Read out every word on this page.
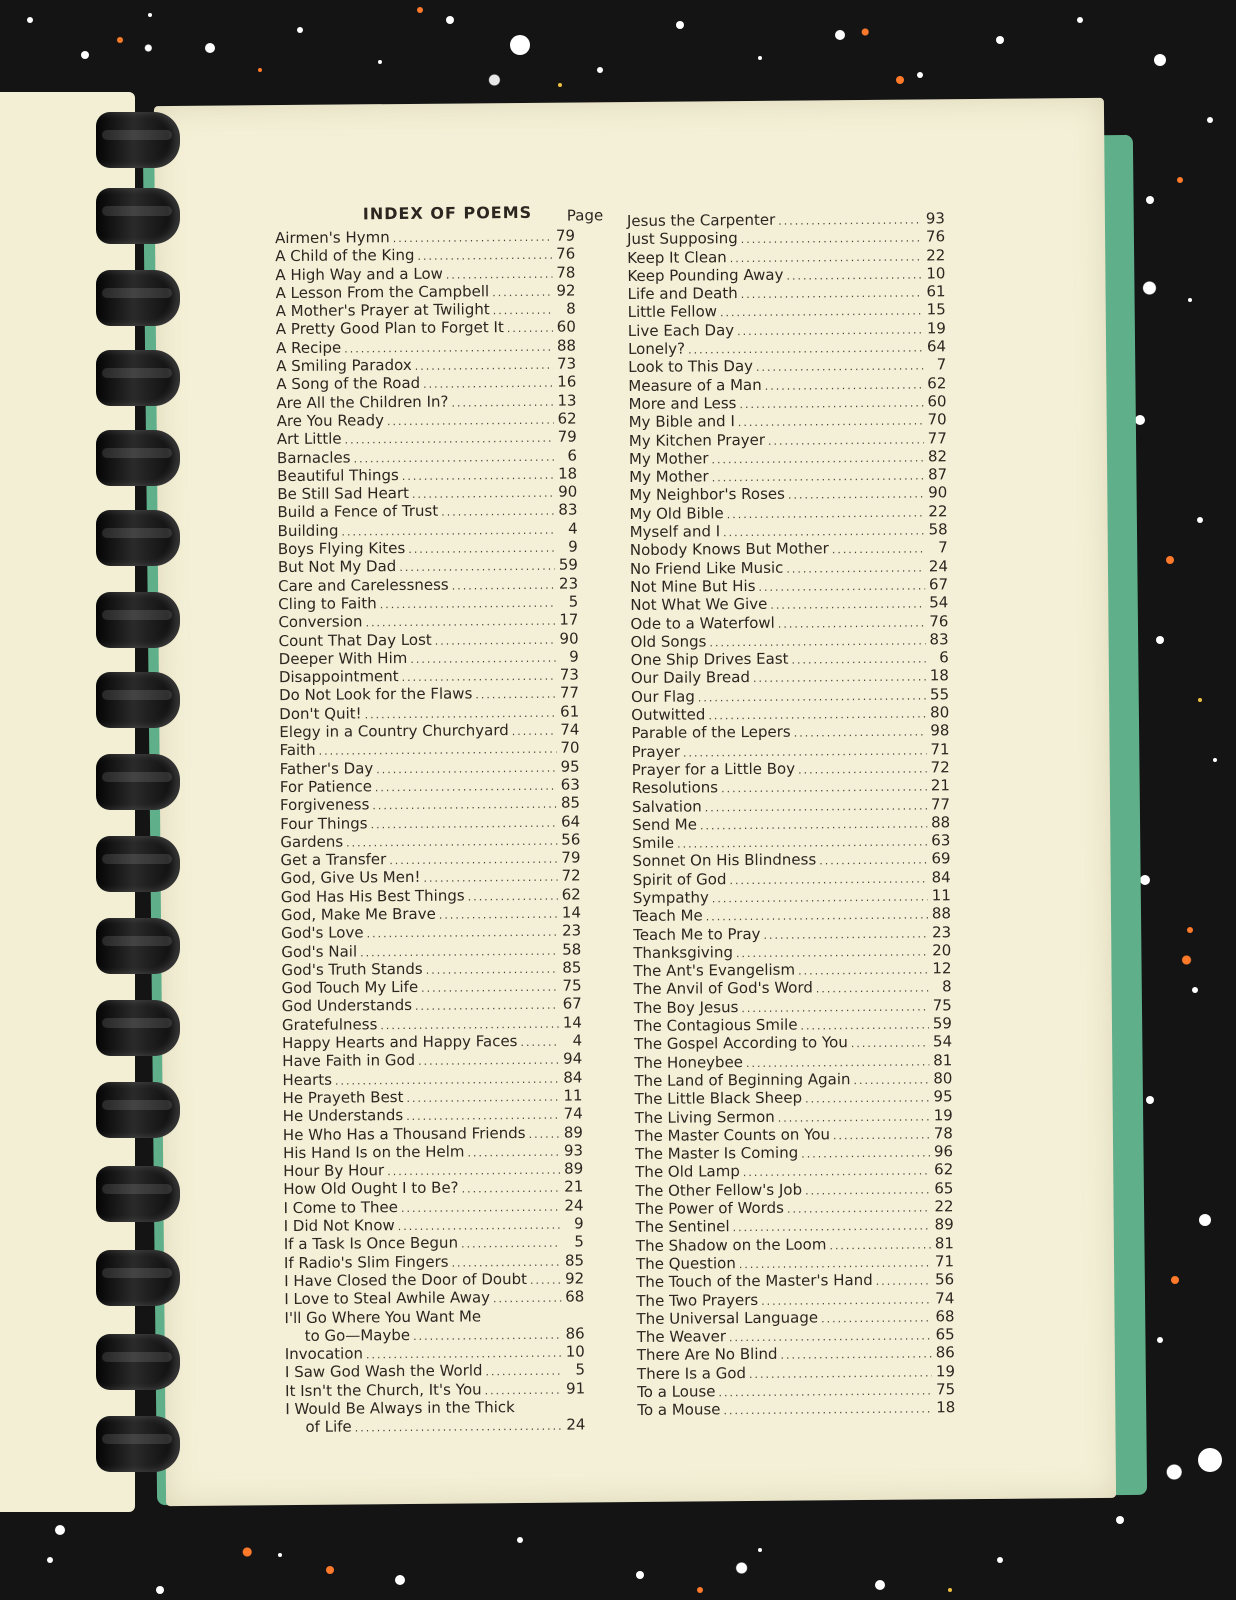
INDEX OF POEMS Page
Airmen's Hymn .....	79
A Child of the King .....	76
A High Way and a Low .....	78
A Lesson From the Campbell .....	92
A Mother's Prayer at Twilight .....	8
A Pretty Good Plan to Forget It .....	60
A Recipe .....	88
A Smiling Paradox .....	73
A Song of the Road .....	16
Are All the Children In? .....	13
Are You Ready .....	62
Art Little .....	79
Barnacles .....	6
Beautiful Things .....	18
Be Still Sad Heart .....	90
Build a Fence of Trust .....	83
Building .....	4
Boys Flying Kites .....	9
But Not My Dad .....	59
Care and Carelessness .....	23
Cling to Faith .....	5
Conversion .....	17
Count That Day Lost .....	90
Deeper With Him .....	9
Disappointment .....	73
Do Not Look for the Flaws .....	77
Don't Quit! .....	61
Elegy in a Country Churchyard .....	74
Faith .....	70
Father's Day .....	95
For Patience .....	63
Forgiveness .....	85
Four Things .....	64
Gardens .....	56
Get a Transfer .....	79
God, Give Us Men! .....	72
God Has His Best Things .....	62
God, Make Me Brave .....	14
God's Love .....	23
God's Nail .....	58
God's Truth Stands .....	85
God Touch My Life .....	75
God Understands .....	67
Gratefulness .....	14
Happy Hearts and Happy Faces .....	4
Have Faith in God .....	94
Hearts .....	84
He Prayeth Best .....	11
He Understands .....	74
He Who Has a Thousand Friends .....	89
His Hand Is on the Helm .....	93
Hour By Hour .....	89
How Old Ought I to Be? .....	21
I Come to Thee .....	24
I Did Not Know .....	9
If a Task Is Once Begun .....	5
If Radio's Slim Fingers .....	85
I Have Closed the Door of Doubt .....	92
I Love to Steal Awhile Away .....	68
I'll Go Where You Want Me
to Go—Maybe .....	86
Invocation .....	10
I Saw God Wash the World .....	5
It Isn't the Church, It's You .....	91
I Would Be Always in the Thick
of Life .....	24
Jesus the Carpenter .....	93
Just Supposing .....	76
Keep It Clean .....	22
Keep Pounding Away .....	10
Life and Death .....	61
Little Fellow .....	15
Live Each Day .....	19
Lonely? .....	64
Look to This Day .....	7
Measure of a Man .....	62
More and Less .....	60
My Bible and I .....	70
My Kitchen Prayer .....	77
My Mother .....	82
My Mother .....	87
My Neighbor's Roses .....	90
My Old Bible .....	22
Myself and I .....	58
Nobody Knows But Mother .....	7
No Friend Like Music .....	24
Not Mine But His .....	67
Not What We Give .....	54
Ode to a Waterfowl .....	76
Old Songs .....	83
One Ship Drives East .....	6
Our Daily Bread .....	18
Our Flag .....	55
Outwitted .....	80
Parable of the Lepers .....	98
Prayer .....	71
Prayer for a Little Boy .....	72
Resolutions .....	21
Salvation .....	77
Send Me .....	88
Smile .....	63
Sonnet On His Blindness .....	69
Spirit of God .....	84
Sympathy .....	11
Teach Me .....	88
Teach Me to Pray .....	23
Thanksgiving .....	20
The Ant's Evangelism .....	12
The Anvil of God's Word .....	8
The Boy Jesus .....	75
The Contagious Smile .....	59
The Gospel According to You .....	54
The Honeybee .....	81
The Land of Beginning Again .....	80
The Little Black Sheep .....	95
The Living Sermon .....	19
The Master Counts on You .....	78
The Master Is Coming .....	96
The Old Lamp .....	62
The Other Fellow's Job .....	65
The Power of Words .....	22
The Sentinel .....	89
The Shadow on the Loom .....	81
The Question .....	71
The Touch of the Master's Hand .....	56
The Two Prayers .....	74
The Universal Language .....	68
The Weaver .....	65
There Are No Blind .....	86
There Is a God .....	19
To a Louse .....	75
To a Mouse .....	18
